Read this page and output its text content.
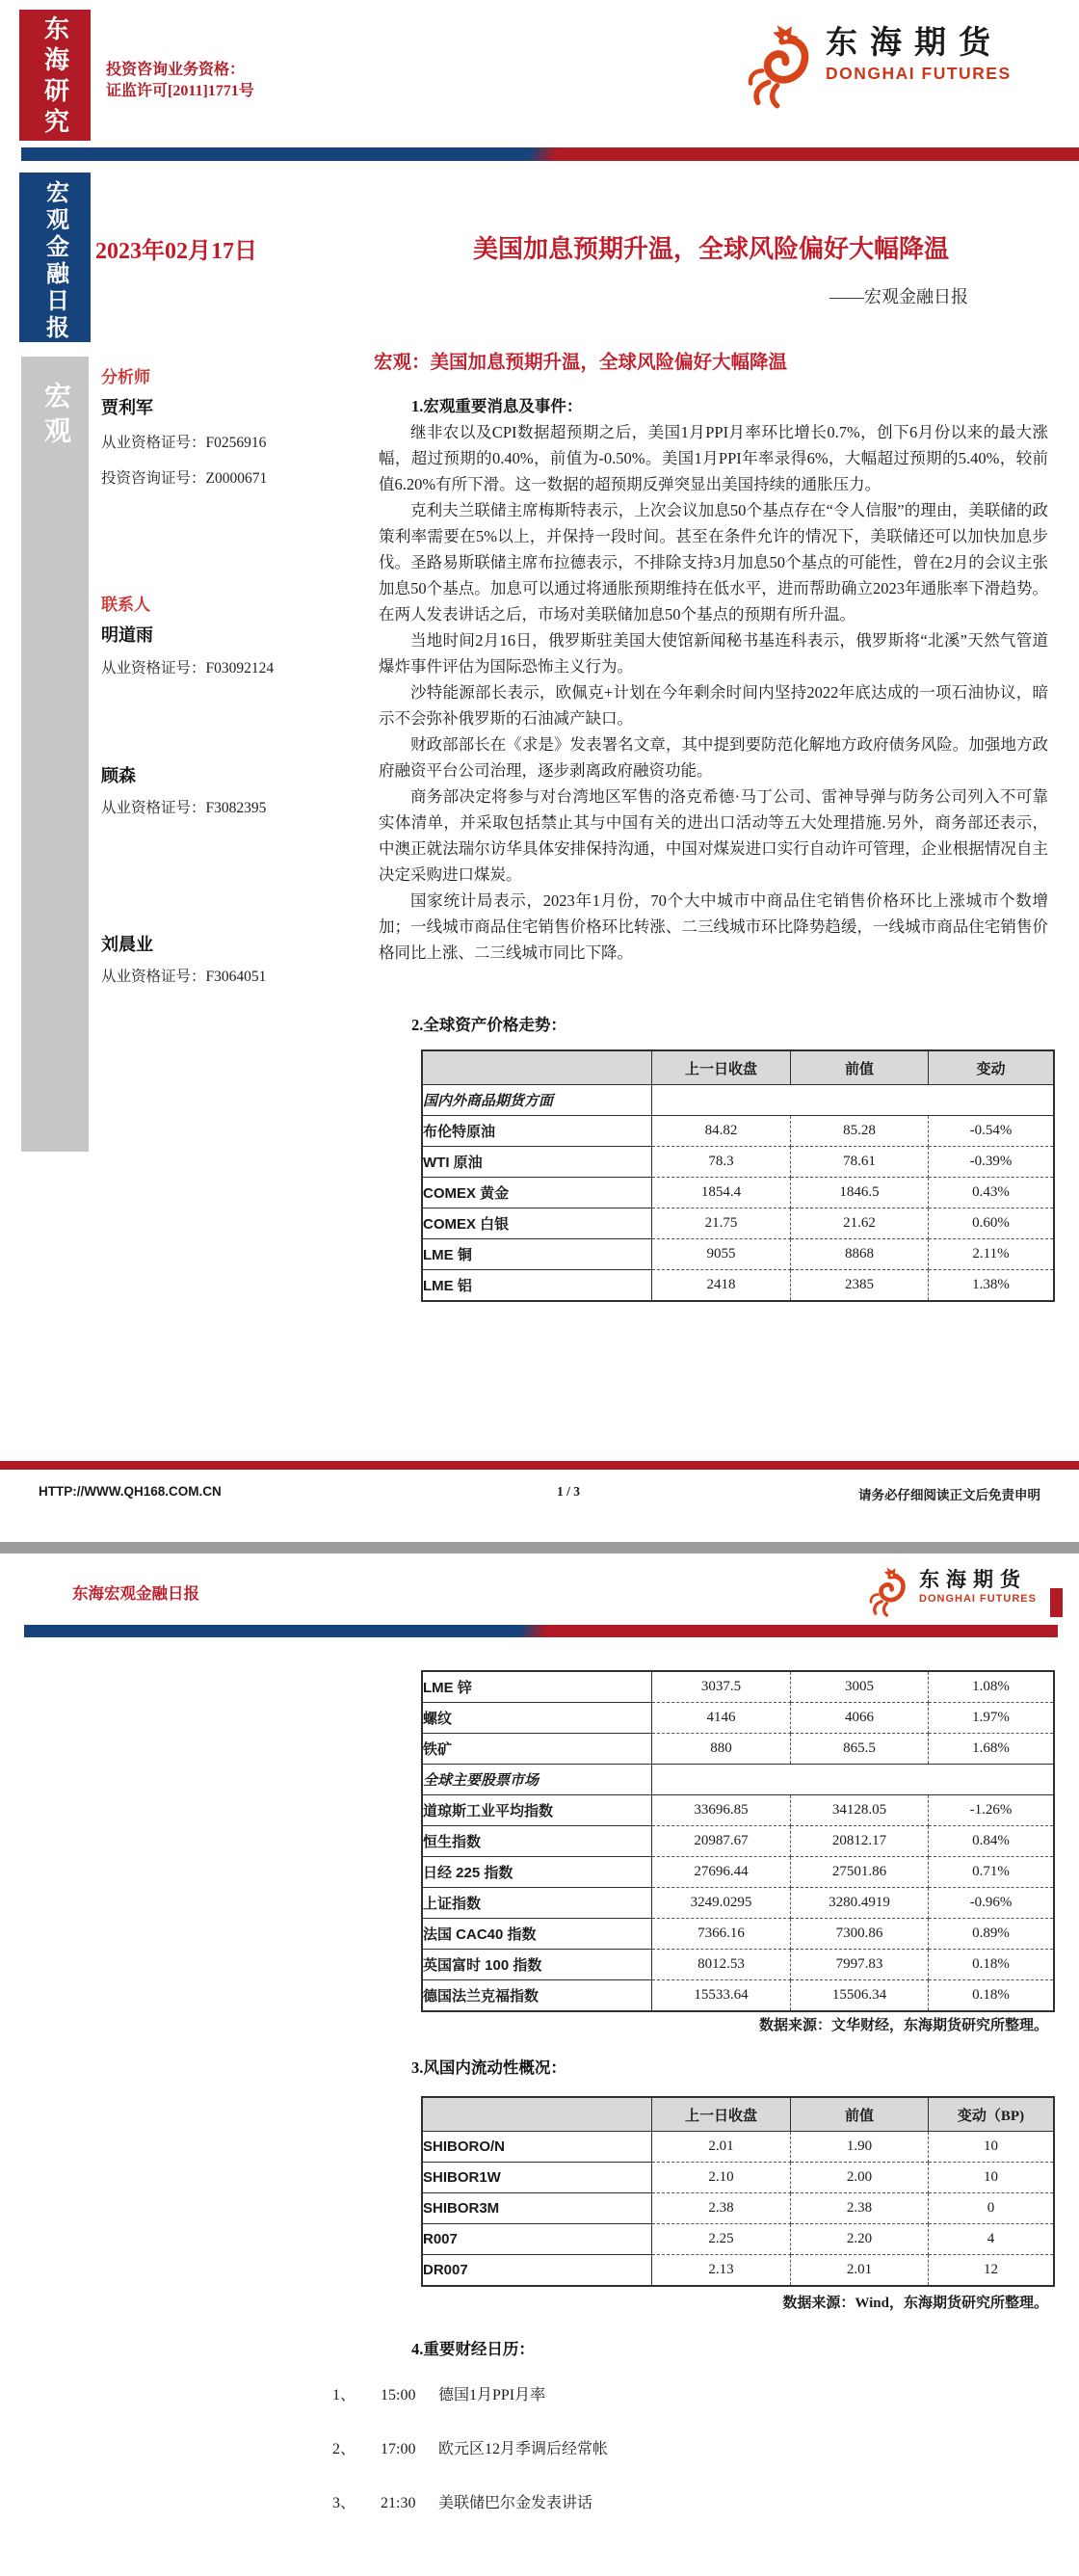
东海研究 投资咨询业务资格：
证监许可[2011]1771号
东海期货
DONGHAI FUTURES
宏观金融日报
宏观
2023年02月17日	美国加息预期升温，全球风险偏好大幅降温
——宏观金融日报
宏观：美国加息预期升温，全球风险偏好大幅降温
分析师
贾利军
从业资格证号：F0256916
投资咨询证号：Z0000671
联系人
明道雨
从业资格证号：F03092124
顾森
从业资格证号：F3082395
刘晨业
从业资格证号：F3064051
1.宏观重要消息及事件：

继非农以及CPI数据超预期之后，美国1月PPI月率环比增长0.7%，创下6月份以来的最大涨幅，超过预期的0.40%，前值为-0.50%。美国1月PPI年率录得6%，大幅超过预期的5.40%，较前值6.20%有所下滑。这一数据的超预期反弹突显出美国持续的通胀压力。

克利夫兰联储主席梅斯特表示，上次会议加息50个基点存在“令人信服”的理由，美联储的政策利率需要在5%以上，并保持一段时间。甚至在条件允许的情况下，美联储还可以加快加息步伐。圣路易斯联储主席布拉德表示，不排除支持3月加息50个基点的可能性，曾在2月的会议主张加息50个基点。加息可以通过将通胀预期维持在低水平，进而帮助确立2023年通胀率下滑趋势。在两人发表讲话之后，市场对美联储加息50个基点的预期有所升温。

当地时间2月16日，俄罗斯驻美国大使馆新闻秘书基连科表示，俄罗斯将“北溪”天然气管道爆炸事件评估为国际恐怖主义行为。

沙特能源部长表示，欧佩克+计划在今年剩余时间内坚持2022年底达成的一项石油协议，暗示不会弥补俄罗斯的石油减产缺口。

财政部部长在《求是》发表署名文章，其中提到要防范化解地方政府债务风险。加强地方政府融资平台公司治理，逐步剥离政府融资功能。

商务部决定将参与对台湾地区军售的洛克希德·马丁公司、雷神导弹与防务公司列入不可靠实体清单，并采取包括禁止其与中国有关的进出口活动等五大处理措施.另外，商务部还表示，中澳正就法瑞尔访华具体安排保持沟通，中国对煤炭进口实行自动许可管理，企业根据情况自主决定采购进口煤炭。

国家统计局表示，2023年1月份，70个大中城市中商品住宅销售价格环比上涨城市个数增加；一线城市商品住宅销售价格环比转涨、二三线城市环比降势趋缓，一线城市商品住宅销售价格同比上涨、二三线城市同比下降。

2.全球资产价格走势：
	上一日收盘	前值	变动
国内外商品期货方面			
布伦特原油	84.82	85.28	-0.54%
WTI 原油	78.3	78.61	-0.39%
COMEX 黄金	1854.4	1846.5	0.43%
COMEX 白银	21.75	21.62	0.60%
LME 铜	9055	8868	2.11%
LME 铝	2418	2385	1.38%
HTTP://WWW.QH168.COM.CN	1 / 3	请务必仔细阅读正文后免责申明
东海宏观金融日报
东海期货
DONGHAI FUTURES
LME 锌	3037.5	3005	1.08%
螺纹	4146	4066	1.97%
铁矿	880	865.5	1.68%
全球主要股票市场			
道琼斯工业平均指数	33696.85	34128.05	-1.26%
恒生指数	20987.67	20812.17	0.84%
日经 225 指数	27696.44	27501.86	0.71%
上证指数	3249.0295	3280.4919	-0.96%
法国 CAC40 指数	7366.16	7300.86	0.89%
英国富时 100 指数	8012.53	7997.83	0.18%
德国法兰克福指数	15533.64	15506.34	0.18%
数据来源：文华财经，东海期货研究所整理。
3.风国内流动性概况：
	上一日收盘	前值	变动（BP)
SHIBORO/N	2.01	1.90	10
SHIBOR1W	2.10	2.00	10
SHIBOR3M	2.38	2.38	0
R007	2.25	2.20	4
DR007	2.13	2.01	12
数据来源：Wind，东海期货研究所整理。
4.重要财经日历：
1、 15:00 德国1月PPI月率
2、 17:00 欧元区12月季调后经常帐
3、 21:30 美联储巴尔金发表讲话
